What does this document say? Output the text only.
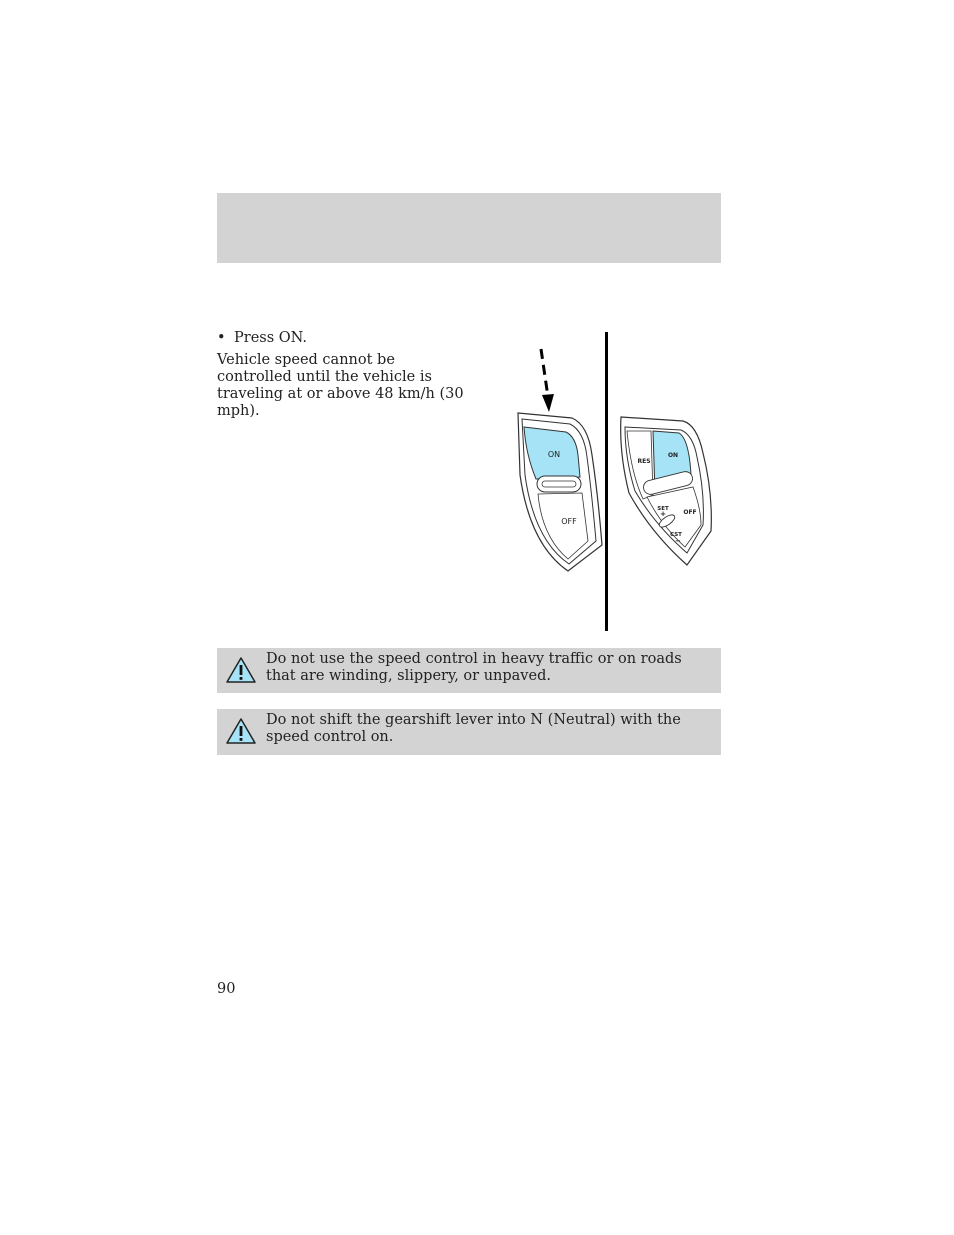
• Press ON.
Vehicle speed cannot be controlled until the vehicle is traveling at or above 48 km/h (30 mph).
ON
OFF
RES
ON
OFF
SET
+
CST
−
Do not use the speed control in heavy traffic or on roads that are winding, slippery, or unpaved.
Do not shift the gearshift lever into N (Neutral) with the speed control on.
90
